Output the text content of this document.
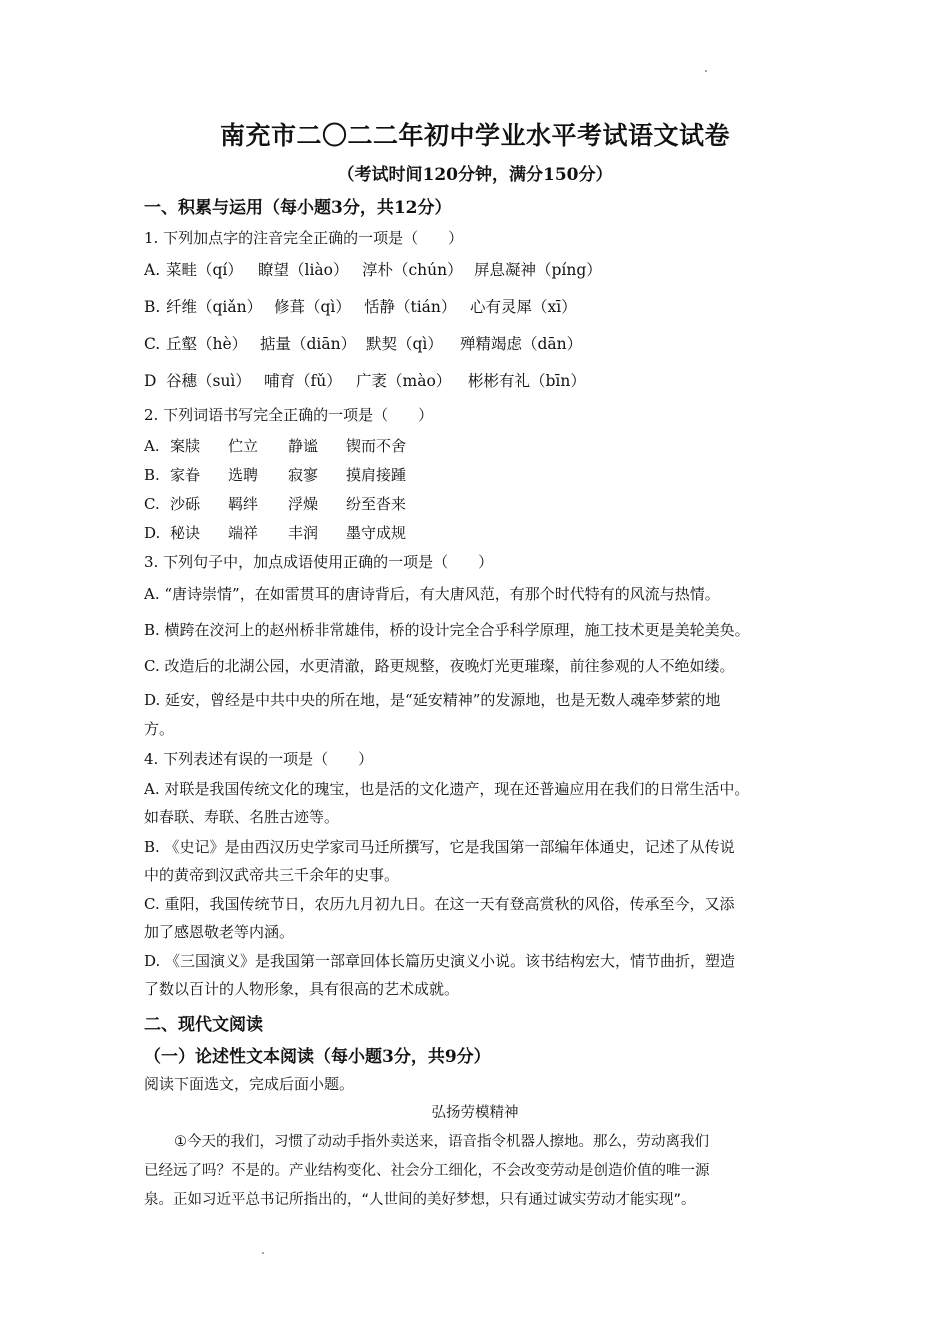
南充市二〇二二年初中学业水平考试语文试卷
（考试时间120分钟，满分150分）
一、积累与运用（每小题3分，共12分）
1. 下列加点字的注音完全正确的一项是（　　）
A. 菜畦（qí） 瞭望（liào） 淳朴（chún） 屏息凝神（píng）
B. 纤维（qiǎn） 修葺（qì） 恬静（tián） 心有灵犀（xī）
C. 丘壑（hè） 掂量（diān） 默契（qì） 殚精竭虑（dān）
D 谷穗（suì） 哺育（fǔ） 广袤（mào） 彬彬有礼（bīn）
2. 下列词语书写完全正确的一项是（　　）
A. 案牍 伫立 静谧 锲而不舍
B. 家眷 选聘 寂寥 摸肩接踵
C. 沙砾 羁绊 浮燥 纷至沓来
D. 秘诀 端祥 丰润 墨守成规
3. 下列句子中，加点成语使用正确的一项是（　　）
A. “唐诗崇情”，在如雷贯耳的唐诗背后，有大唐风范，有那个时代特有的风流与热情。
B. 横跨在洨河上的赵州桥非常雄伟，桥的设计完全合乎科学原理，施工技术更是美轮美奂。
C. 改造后的北湖公园，水更清澈，路更规整，夜晚灯光更璀璨，前往参观的人不绝如缕。
D. 延安，曾经是中共中央的所在地，是“延安精神”的发源地，也是无数人魂牵梦萦的地
方。
4. 下列表述有误的一项是（　　）
A. 对联是我国传统文化的瑰宝，也是活的文化遗产，现在还普遍应用在我们的日常生活中。
如春联、寿联、名胜古迹等。
B. 《史记》是由西汉历史学家司马迁所撰写，它是我国第一部编年体通史，记述了从传说
中的黄帝到汉武帝共三千余年的史事。
C. 重阳，我国传统节日，农历九月初九日。在这一天有登高赏秋的风俗，传承至今，又添
加了感恩敬老等内涵。
D. 《三国演义》是我国第一部章回体长篇历史演义小说。该书结构宏大，情节曲折，塑造
了数以百计的人物形象，具有很高的艺术成就。
二、现代文阅读
（一）论述性文本阅读（每小题3分，共9分）
阅读下面选文，完成后面小题。
弘扬劳模精神
①今天的我们，习惯了动动手指外卖送来，语音指令机器人擦地。那么，劳动离我们
已经远了吗？不是的。产业结构变化、社会分工细化，不会改变劳动是创造价值的唯一源
泉。正如习近平总书记所指出的，“人世间的美好梦想，只有通过诚实劳动才能实现”。
